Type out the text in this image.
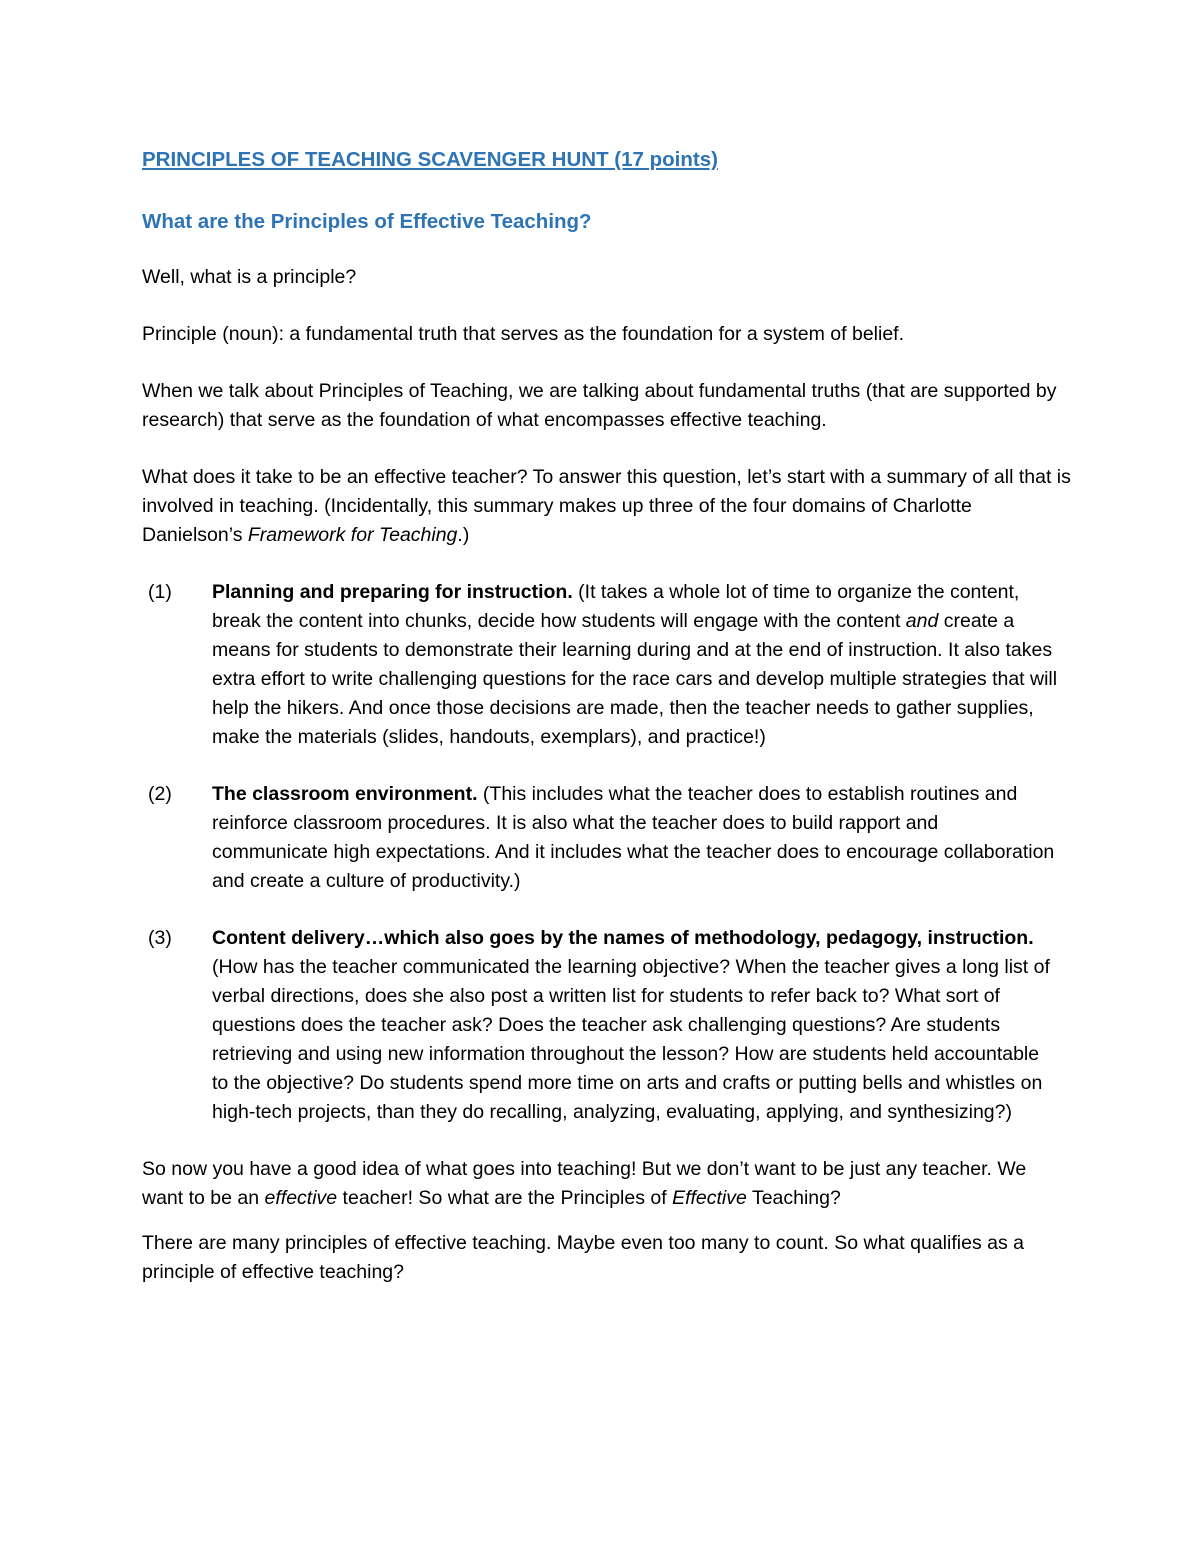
PRINCIPLES OF TEACHING SCAVENGER HUNT (17 points)
What are the Principles of Effective Teaching?

Well, what is a principle?

Principle (noun): a fundamental truth that serves as the foundation for a system of belief.

When we talk about Principles of Teaching, we are talking about fundamental truths (that are supported by research) that serve as the foundation of what encompasses effective teaching.

What does it take to be an effective teacher? To answer this question, let’s start with a summary of all that is involved in teaching. (Incidentally, this summary makes up three of the four domains of Charlotte Danielson’s Framework for Teaching.)

(1)	Planning and preparing for instruction. (It takes a whole lot of time to organize the content, break the content into chunks, decide how students will engage with the content and create a means for students to demonstrate their learning during and at the end of instruction. It also takes extra effort to write challenging questions for the race cars and develop multiple strategies that will help the hikers. And once those decisions are made, then the teacher needs to gather supplies, make the materials (slides, handouts, exemplars), and practice!)
(2)	The classroom environment. (This includes what the teacher does to establish routines and reinforce classroom procedures. It is also what the teacher does to build rapport and communicate high expectations. And it includes what the teacher does to encourage collaboration and create a culture of productivity.)
(3)	Content delivery…which also goes by the names of methodology, pedagogy, instruction. (How has the teacher communicated the learning objective? When the teacher gives a long list of verbal directions, does she also post a written list for students to refer back to? What sort of questions does the teacher ask? Does the teacher ask challenging questions? Are students retrieving and using new information throughout the lesson? How are students held accountable to the objective? Do students spend more time on arts and crafts or putting bells and whistles on high-tech projects, than they do recalling, analyzing, evaluating, applying, and synthesizing?)

So now you have a good idea of what goes into teaching! But we don’t want to be just any teacher. We want to be an effective teacher! So what are the Principles of Effective Teaching?

There are many principles of effective teaching. Maybe even too many to count. So what qualifies as a principle of effective teaching?
